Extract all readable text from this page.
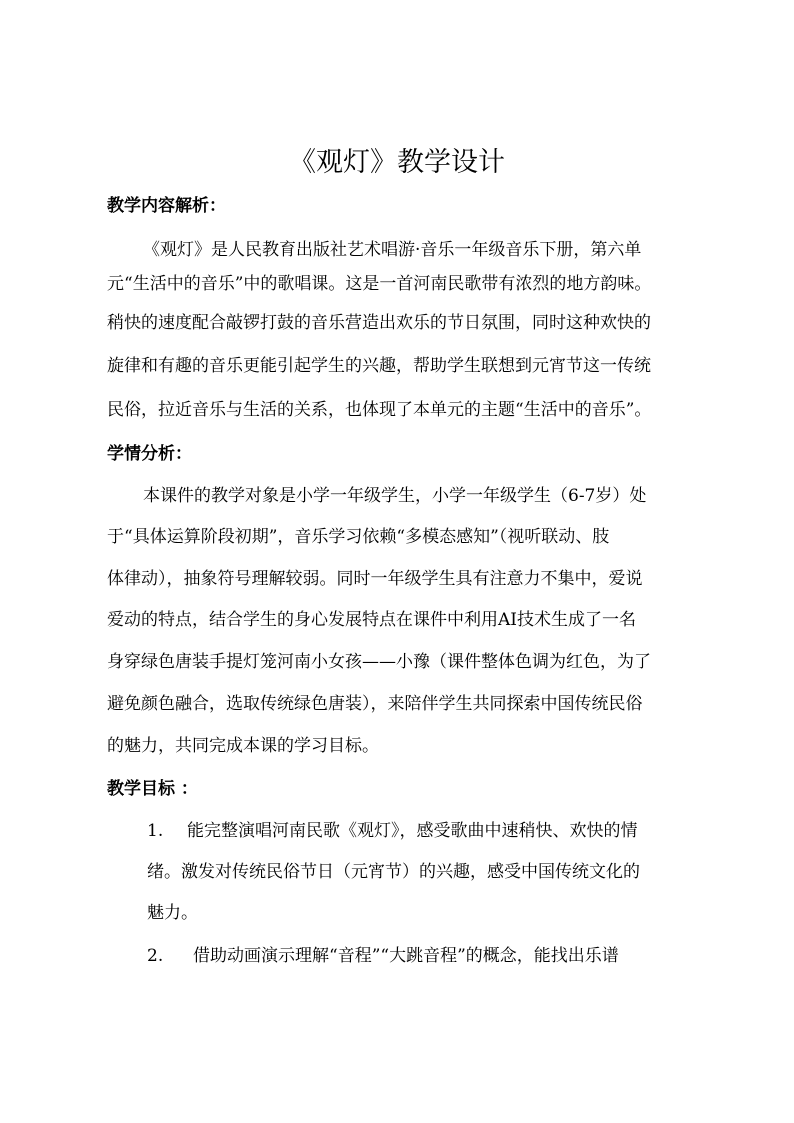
《观灯》教学设计
教学内容解析：
《观灯》是人民教育出版社艺术唱游·音乐一年级音乐下册，第六单
元“生活中的音乐”中的歌唱课。这是一首河南民歌带有浓烈的地方韵味。
稍快的速度配合敲锣打鼓的音乐营造出欢乐的节日氛围，同时这种欢快的
旋律和有趣的音乐更能引起学生的兴趣，帮助学生联想到元宵节这一传统
民俗，拉近音乐与生活的关系，也体现了本单元的主题“生活中的音乐”。
学情分析：
本课件的教学对象是小学一年级学生，小学一年级学生（6-7岁）处
于“具体运算阶段初期”，音乐学习依赖“多模态感知”（视听联动、肢
体律动），抽象符号理解较弱。同时一年级学生具有注意力不集中，爱说
爱动的特点，结合学生的身心发展特点在课件中利用AI技术生成了一名
身穿绿色唐装手提灯笼河南小女孩——小豫（课件整体色调为红色，为了
避免颜色融合，选取传统绿色唐装），来陪伴学生共同探索中国传统民俗
的魅力，共同完成本课的学习目标。
教学目标 ：
1. 能完整演唱河南民歌《观灯》，感受歌曲中速稍快、欢快的情
绪。激发对传统民俗节日（元宵节）的兴趣，感受中国传统文化的
魅力。
2. 借助动画演示理解“音程”“大跳音程”的概念，能找出乐谱
